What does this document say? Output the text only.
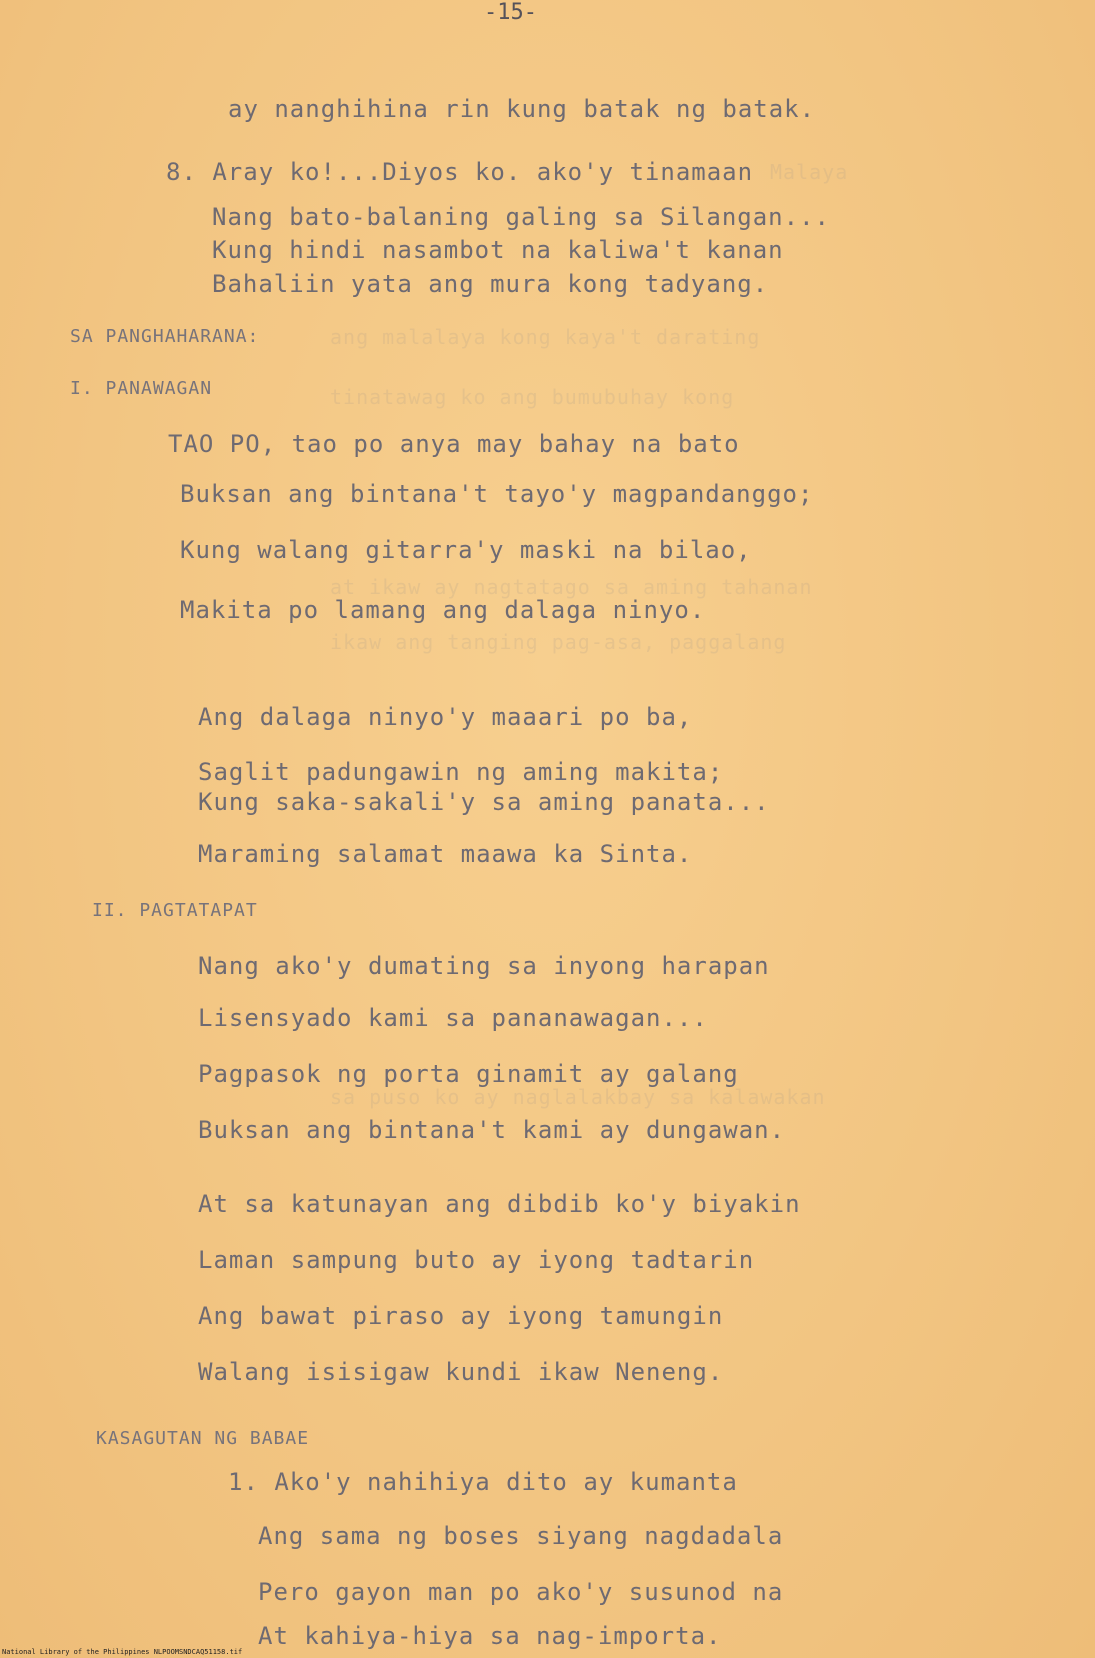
Malaya
ang malalaya kong kaya't darating
tinatawag ko ang bumubuhay kong
at ikaw ay nagtatago sa aming tahanan
ikaw ang tanging pag-asa, paggalang
sa puso ko ay naglalakbay sa kalawakan
-15-
ay nanghihina rin kung batak ng batak.
8. Aray ko!...Diyos ko. ako'y tinamaan
Nang bato-balaning galing sa Silangan...
Kung hindi nasambot na kaliwa't kanan
Bahaliin yata ang mura kong tadyang.
SA PANGHAHARANA:
I. PANAWAGAN
TAO PO, tao po anya may bahay na bato
Buksan ang bintana't tayo'y magpandanggo;
Kung walang gitarra'y maski na bilao,
Makita po lamang ang dalaga ninyo.
Ang dalaga ninyo'y maaari po ba,
Saglit padungawin ng aming makita;
Kung saka-sakali'y sa aming panata...
Maraming salamat maawa ka Sinta.
II. PAGTATAPAT
Nang ako'y dumating sa inyong harapan
Lisensyado kami sa pananawagan...
Pagpasok ng porta ginamit ay galang
Buksan ang bintana't kami ay dungawan.
At sa katunayan ang dibdib ko'y biyakin
Laman sampung buto ay iyong tadtarin
Ang bawat piraso ay iyong tamungin
Walang isisigaw kundi ikaw Neneng.
KASAGUTAN NG BABAE
1. Ako'y nahihiya dito ay kumanta
Ang sama ng boses siyang nagdadala
Pero gayon man po ako'y susunod na
At kahiya-hiya sa nag-importa.
National Library of the Philippines NLPOOMSNDCAQ51158.tif
